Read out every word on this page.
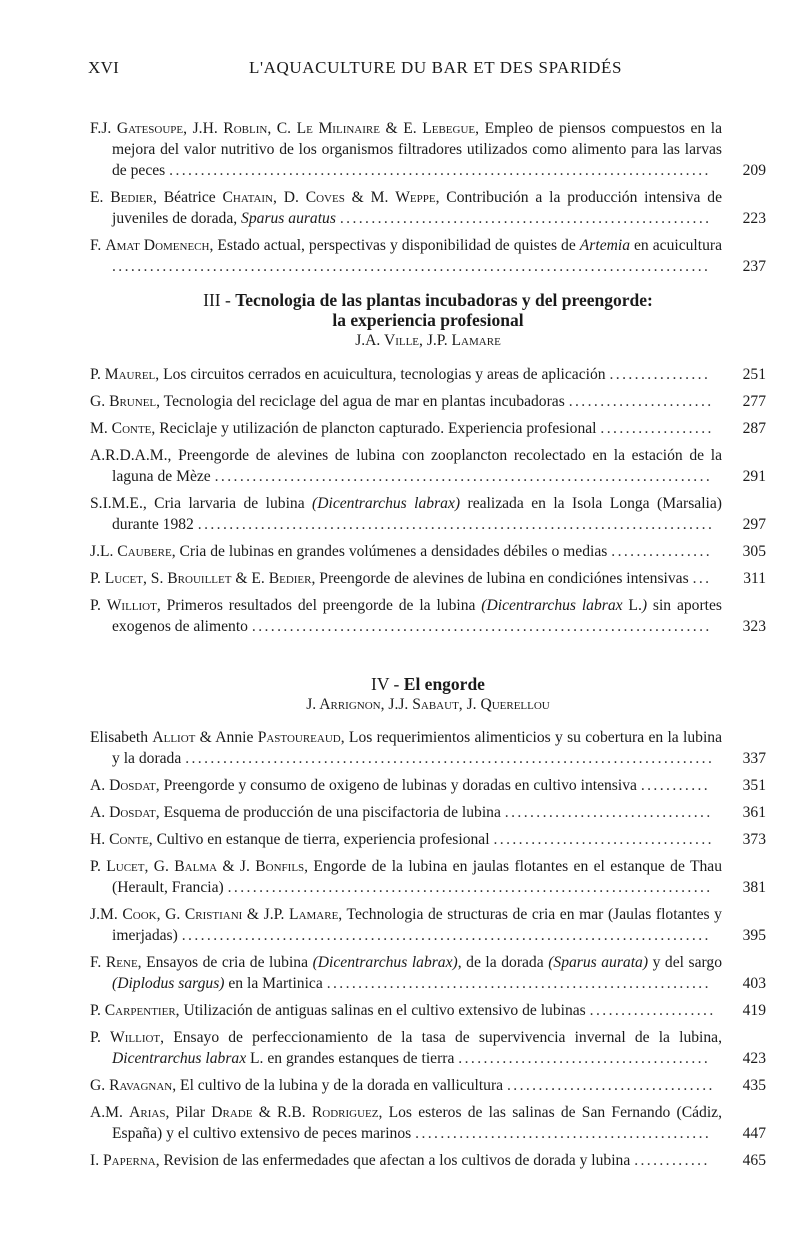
XVI	L'AQUACULTURE DU BAR ET DES SPARIDÉS
F.J. Gatesoupe, J.H. Roblin, C. Le Milinaire & E. Lebegue, Empleo de piensos compuestos en la mejora del valor nutritivo de los organismos filtradores utilizados como alimento para las larvas de peces ......................................................................................	209
E. Bedier, Béatrice Chatain, D. Coves & M. Weppe, Contribución a la producción intensiva de juveniles de dorada, Sparus auratus ...........................................................	223
F. Amat Domenech, Estado actual, perspectivas y disponibilidad de quistes de Artemia en acuicultura ...............................................................................................	237
III - Tecnologia de las plantas incubadoras y del preengorde:
la experiencia profesional
J.A. Ville, J.P. Lamare
P. Maurel, Los circuitos cerrados en acuicultura, tecnologias y areas de aplicación ................	251
G. Brunel, Tecnologia del reciclage del agua de mar en plantas incubadoras .......................	277
M. Conte, Reciclaje y utilización de plancton capturado. Experiencia profesional ..................	287
A.R.D.A.M., Preengorde de alevines de lubina con zooplancton recolectado en la estación de la laguna de Mèze ...............................................................................	291
S.I.M.E., Cria larvaria de lubina (Dicentrarchus labrax) realizada en la Isola Longa (Marsalia) durante 1982 ..................................................................................	297
J.L. Caubere, Cria de lubinas en grandes volúmenes a densidades débiles o medias ................	305
P. Lucet, S. Brouillet & E. Bedier, Preengorde de alevines de lubina en condiciónes intensivas ...	311
P. Williot, Primeros resultados del preengorde de la lubina (Dicentrarchus labrax L.) sin aportes exogenos de alimento .........................................................................	323
IV - El engorde
J. Arrignon, J.J. Sabaut, J. Querellou
Elisabeth Alliot & Annie Pastoureaud, Los requerimientos alimenticios y su cobertura en la lubina y la dorada ....................................................................................	337
A. Dosdat, Preengorde y consumo de oxigeno de lubinas y doradas en cultivo intensiva ...........	351
A. Dosdat, Esquema de producción de una piscifactoria de lubina .................................	361
H. Conte, Cultivo en estanque de tierra, experiencia profesional ...................................	373
P. Lucet, G. Balma & J. Bonfils, Engorde de la lubina en jaulas flotantes en el estanque de Thau (Herault, Francia) .............................................................................	381
J.M. Cook, G. Cristiani & J.P. Lamare, Technologia de structuras de cria en mar (Jaulas flotantes y imerjadas) ....................................................................................	395
F. Rene, Ensayos de cria de lubina (Dicentrarchus labrax), de la dorada (Sparus aurata) y del sargo (Diplodus sargus) en la Martinica .............................................................	403
P. Carpentier, Utilización de antiguas salinas en el cultivo extensivo de lubinas ....................	419
P. Williot, Ensayo de perfeccionamiento de la tasa de supervivencia invernal de la lubina, Dicentrarchus labrax L. en grandes estanques de tierra ........................................	423
G. Ravagnan, El cultivo de la lubina y de la dorada en vallicultura .................................	435
A.M. Arias, Pilar Drade & R.B. Rodriguez, Los esteros de las salinas de San Fernando (Cádiz, España) y el cultivo extensivo de peces marinos ...............................................	447
I. Paperna, Revision de las enfermedades que afectan a los cultivos de dorada y lubina ............	465
